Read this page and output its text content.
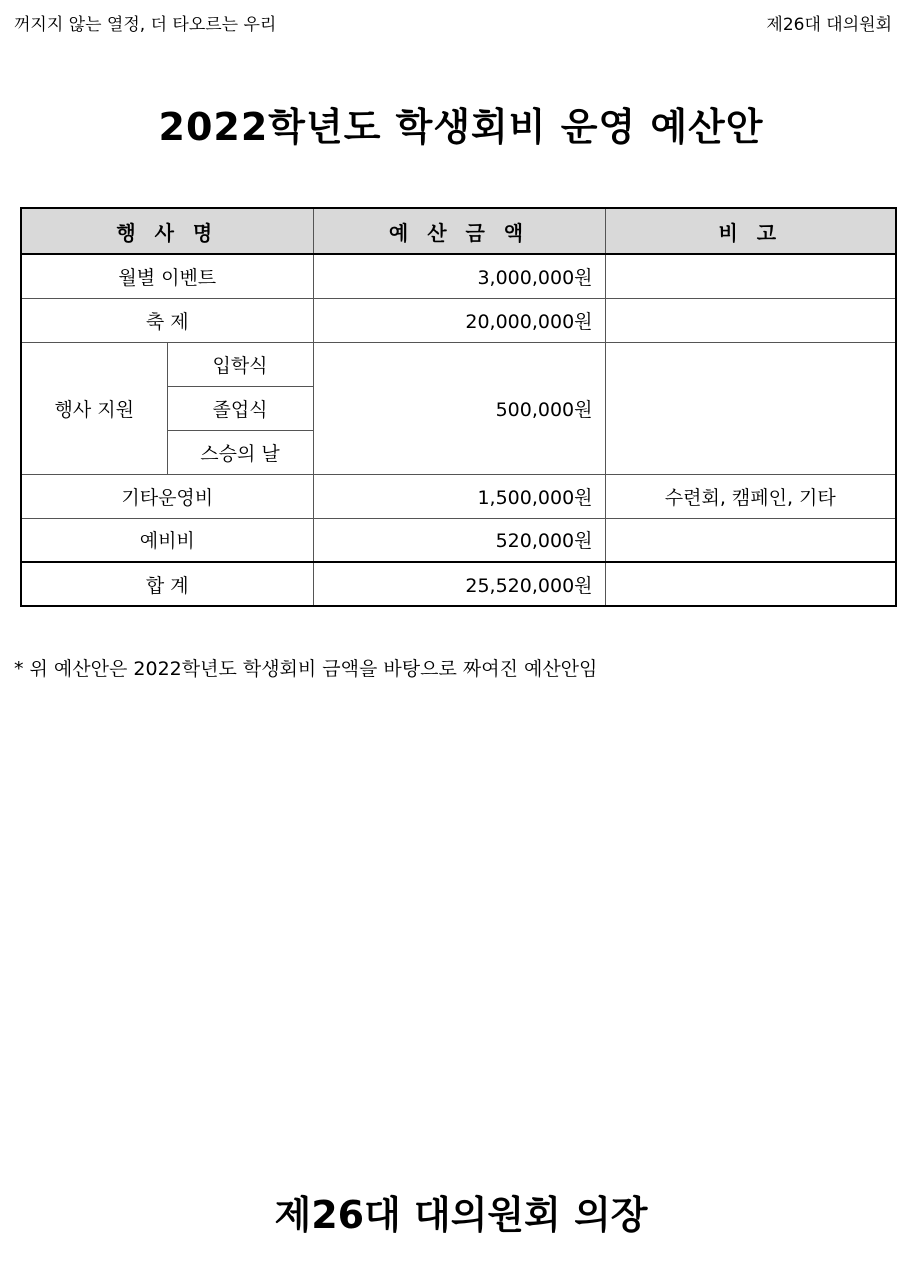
꺼지지 않는 열정, 더 타오르는 우리	제26대 대의원회
2022학년도 학생회비 운영 예산안
행 사 명		예 산 금 액	비 고
월별 이벤트		3,000,000원	
축 제		20,000,000원	
행사 지원	입학식	500,000원	
	졸업식		
	스승의 날		
기타운영비		1,500,000원	수련회, 캠페인, 기타
예비비		520,000원	
합 계		25,520,000원	
* 위 예산안은 2022학년도 학생회비 금액을 바탕으로 짜여진 예산안임
제26대 대의원회 의장
